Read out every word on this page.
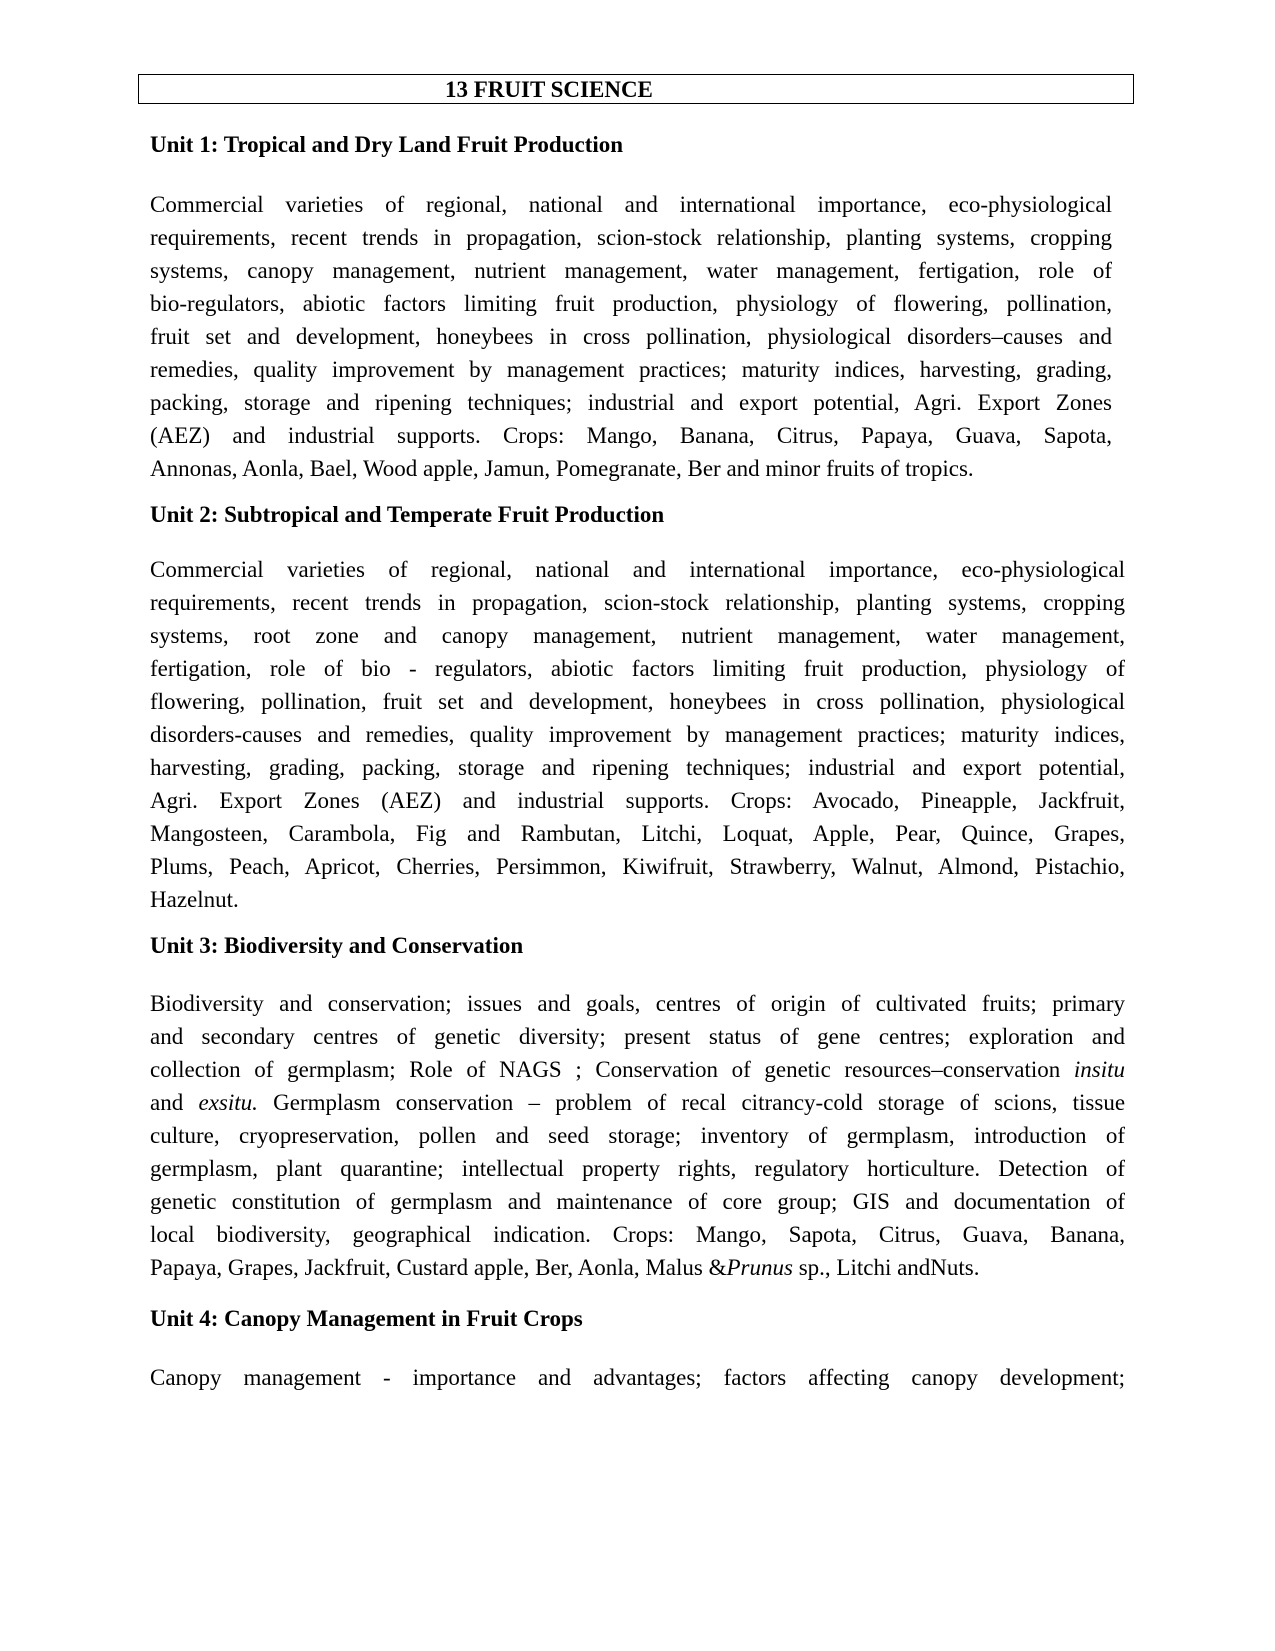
13 FRUIT SCIENCE
Unit 1: Tropical and Dry Land Fruit Production
Commercial varieties of regional, national and international importance, eco-physiological
requirements, recent trends in propagation, scion-stock relationship, planting systems, cropping
systems, canopy management, nutrient management, water management, fertigation, role of
bio-regulators, abiotic factors limiting fruit production, physiology of flowering, pollination,
fruit set and development, honeybees in cross pollination, physiological disorders–causes and
remedies, quality improvement by management practices; maturity indices, harvesting, grading,
packing, storage and ripening techniques; industrial and export potential, Agri. Export Zones
(AEZ) and industrial supports. Crops: Mango, Banana, Citrus, Papaya, Guava, Sapota,
Annonas, Aonla, Bael, Wood apple, Jamun, Pomegranate, Ber and minor fruits of tropics.
Unit 2: Subtropical and Temperate Fruit Production
Commercial varieties of regional, national and international importance, eco-physiological
requirements, recent trends in propagation, scion-stock relationship, planting systems, cropping
systems, root zone and canopy management, nutrient management, water management,
fertigation, role of bio - regulators, abiotic factors limiting fruit production, physiology of
flowering, pollination, fruit set and development, honeybees in cross pollination, physiological
disorders-causes and remedies, quality improvement by management practices; maturity indices,
harvesting, grading, packing, storage and ripening techniques; industrial and export potential,
Agri. Export Zones (AEZ) and industrial supports. Crops: Avocado, Pineapple, Jackfruit,
Mangosteen, Carambola, Fig and Rambutan, Litchi, Loquat, Apple, Pear, Quince, Grapes,
Plums, Peach, Apricot, Cherries, Persimmon, Kiwifruit, Strawberry, Walnut, Almond, Pistachio,
Hazelnut.
Unit 3: Biodiversity and Conservation
Biodiversity and conservation; issues and goals, centres of origin of cultivated fruits; primary
and secondary centres of genetic diversity; present status of gene centres; exploration and
collection of germplasm; Role of NAGS ; Conservation of genetic resources–conservation insitu
and exsitu. Germplasm conservation – problem of recal citrancy-cold storage of scions, tissue
culture, cryopreservation, pollen and seed storage; inventory of germplasm, introduction of
germplasm, plant quarantine; intellectual property rights, regulatory horticulture. Detection of
genetic constitution of germplasm and maintenance of core group; GIS and documentation of
local biodiversity, geographical indication. Crops: Mango, Sapota, Citrus, Guava, Banana,
Papaya, Grapes, Jackfruit, Custard apple, Ber, Aonla, Malus &Prunus sp., Litchi andNuts.
Unit 4: Canopy Management in Fruit Crops
Canopy management - importance and advantages; factors affecting canopy development;
